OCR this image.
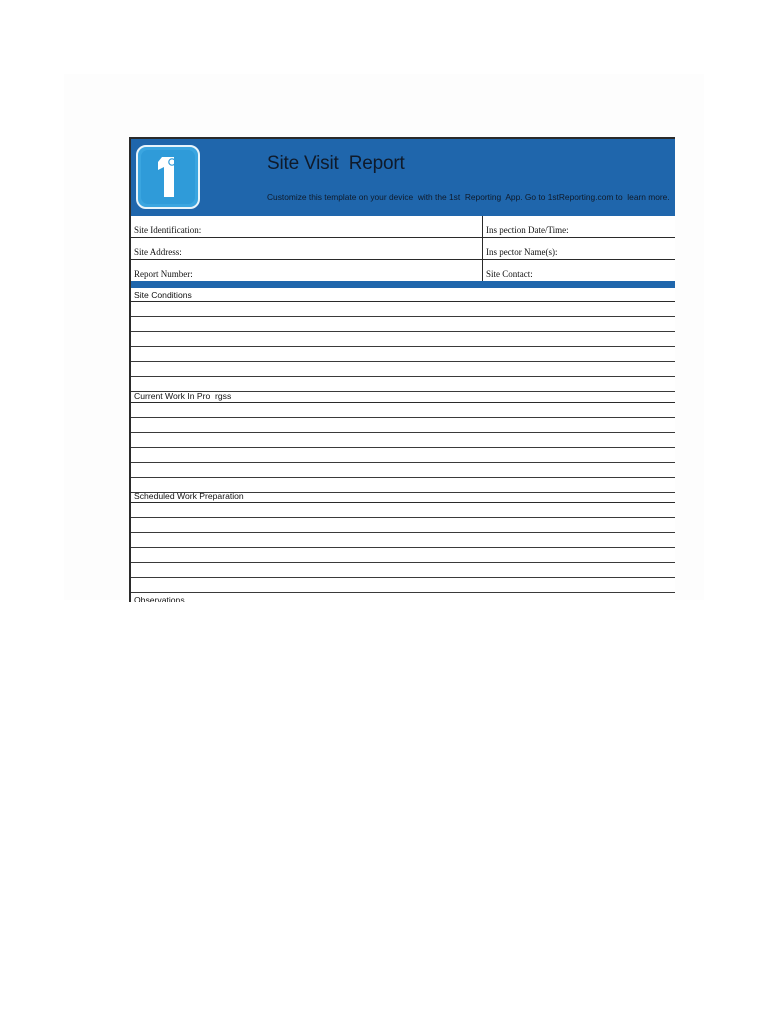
Site Visit  Report
Customize this template on your device  with the 1st  Reporting  App. Go to 1stReporting.com to  learn more.
Site Identification:	Ins pection Date/Time:
Site Address:	Ins pector Name(s):
Report Number:	Site Contact:
Site Conditions
Current Work In Pro  rgss
Scheduled Work Preparation
Observations
